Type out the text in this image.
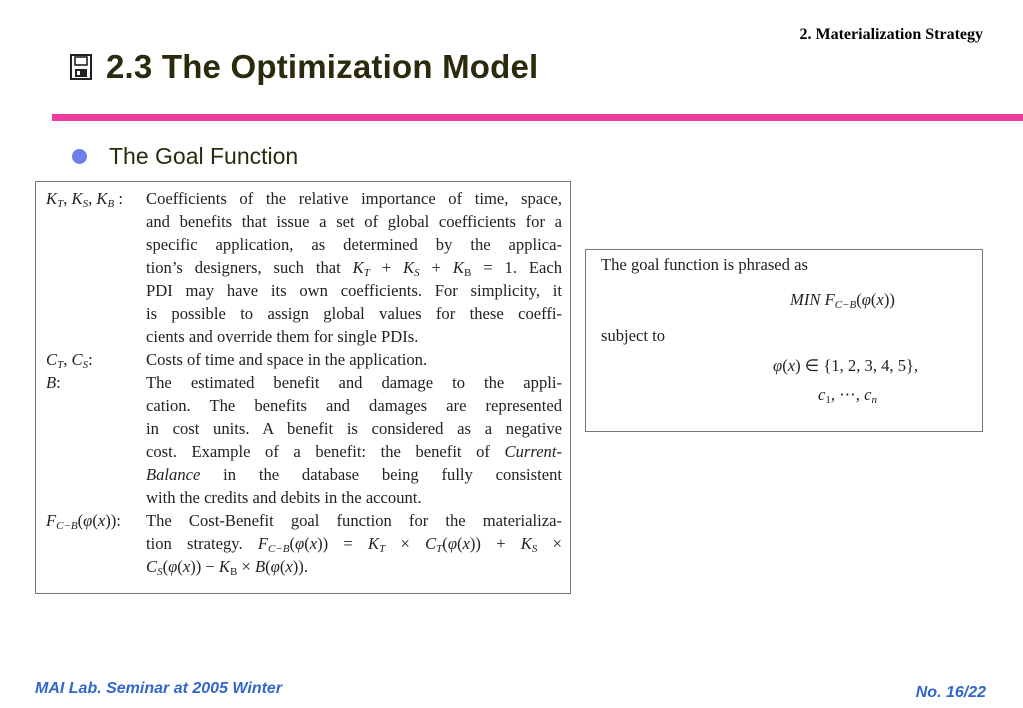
2. Materialization Strategy
2.3 The Optimization Model
The Goal Function
$K_T$, $K_S$, $K_B$ :	Coefficients of the relative importance of time, space,
and benefits that issue a set of global coefficients for a
specific application, as determined by the applica-
tion’s designers, such that $K_T + K_S + K_B = 1$. Each
PDI may have its own coefficients. For simplicity, it
is possible to assign global values for these coeffi-
cients and override them for single PDIs.
$C_T$, $C_S$:	Costs of time and space in the application.
B:	The estimated benefit and damage to the appli-
cation. The benefits and damages are represented
in cost units. A benefit is considered as a negative
cost. Example of a benefit: the benefit of Current-
Balance in the database being fully consistent
with the credits and debits in the account.
$F_{C-B}(\varphi(x))$:	The Cost-Benefit goal function for the materializa-
tion strategy. $F_{C-B}(\varphi(x)) = K_T \times C_T(\varphi(x)) + K_S$ ×
$C_S(\varphi(x)) - K_B \times B(\varphi(x))$.
The goal function is phrased as
MIN $F_{C-B}(\varphi(x))$
subject to
φ(x) ∈ {1, 2, 3, 4, 5},
$c_1$, ⋯, $c_n$
MAI Lab. Seminar at 2005 Winter	No. 16/22
